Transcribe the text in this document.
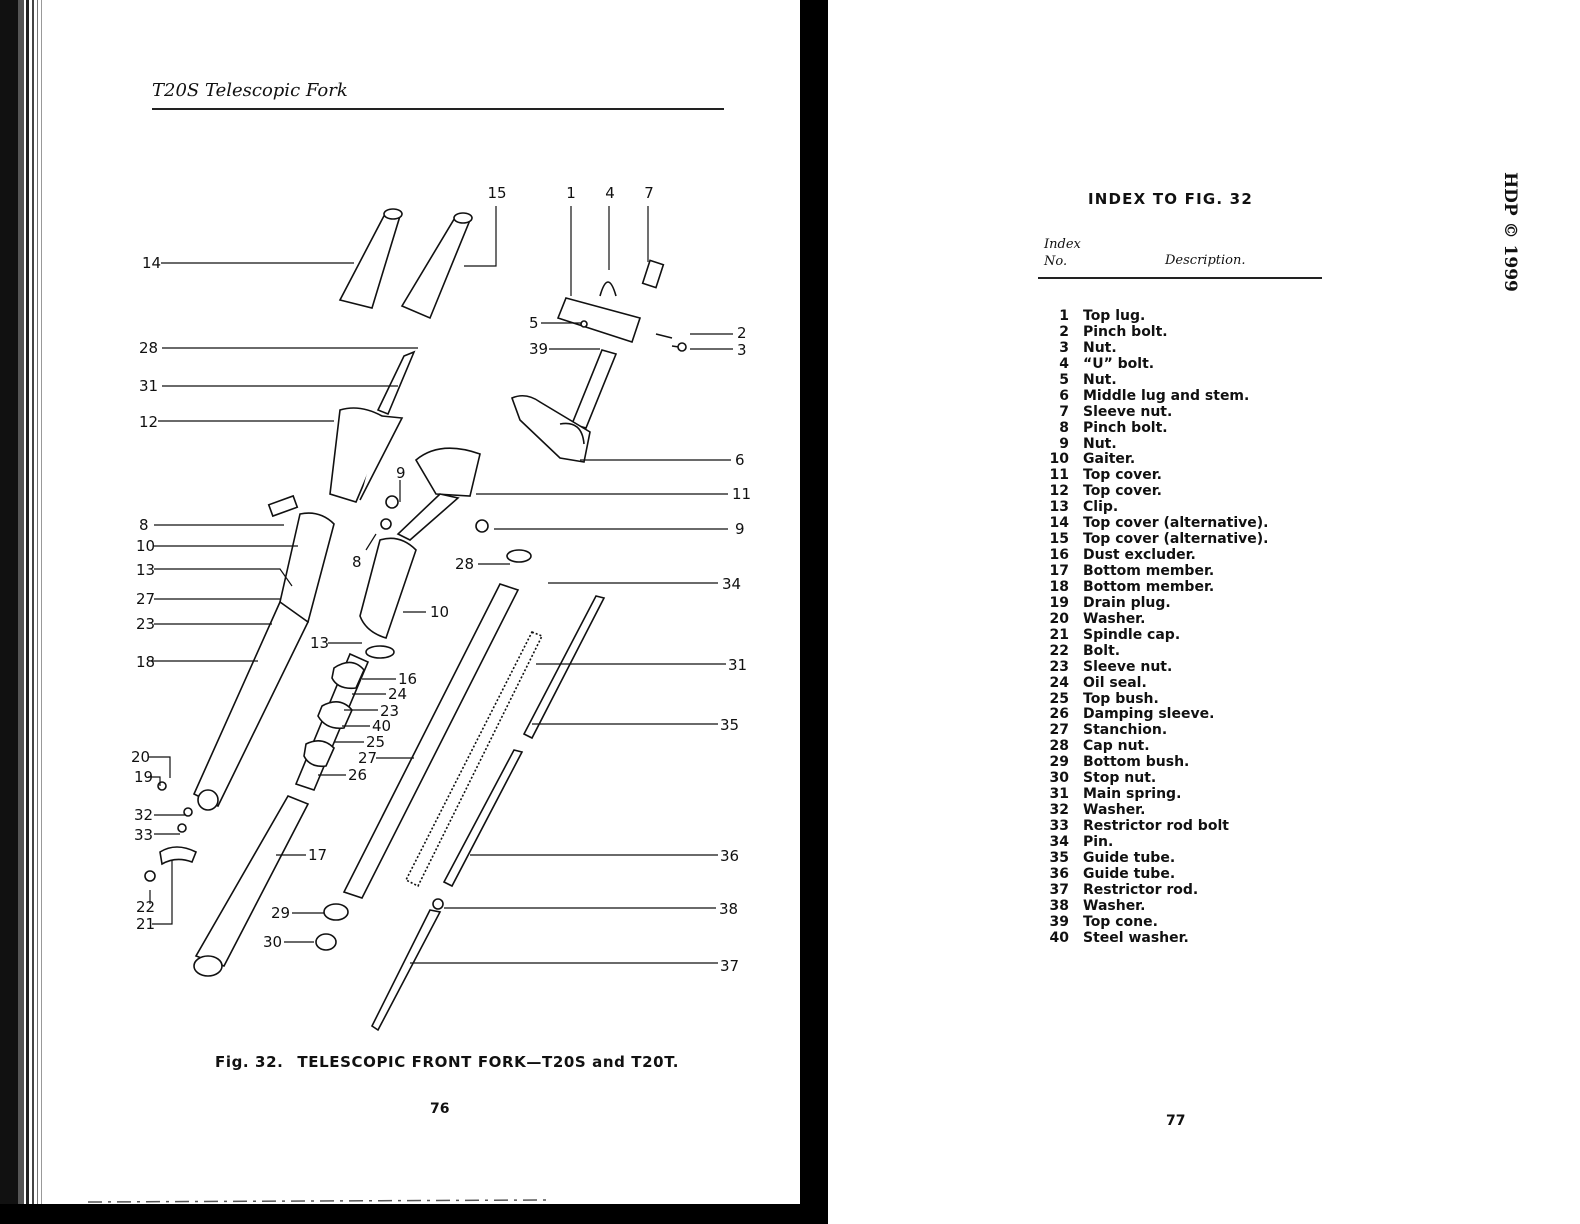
T20S Telescopic Fork
15	1 4 7
14
5
39
2
3
28
31
12
6
11
9
9
8
10
13	8	28
34
27
23
10
18
13
16
24
23
40
25
27
26
31
35
20
19
32
33
17	36
22
21
29	38
30
37
Fig. 32. TELESCOPIC FRONT FORK—T20S and T20T.
76
HDP © 1999
INDEX TO FIG. 32
Index
No.	Description.
1 Top lug.
2 Pinch bolt.
3 Nut.
4 “U” bolt.
5 Nut.
6 Middle lug and stem.
7 Sleeve nut.
8 Pinch bolt.
9 Nut.
10 Gaiter.
11 Top cover.
12 Top cover.
13 Clip.
14 Top cover (alternative).
15 Top cover (alternative).
16 Dust excluder.
17 Bottom member.
18 Bottom member.
19 Drain plug.
20 Washer.
21 Spindle cap.
22 Bolt.
23 Sleeve nut.
24 Oil seal.
25 Top bush.
26 Damping sleeve.
27 Stanchion.
28 Cap nut.
29 Bottom bush.
30 Stop nut.
31 Main spring.
32 Washer.
33 Restrictor rod bolt
34 Pin.
35 Guide tube.
36 Guide tube.
37 Restrictor rod.
38 Washer.
39 Top cone.
40 Steel washer.
77
